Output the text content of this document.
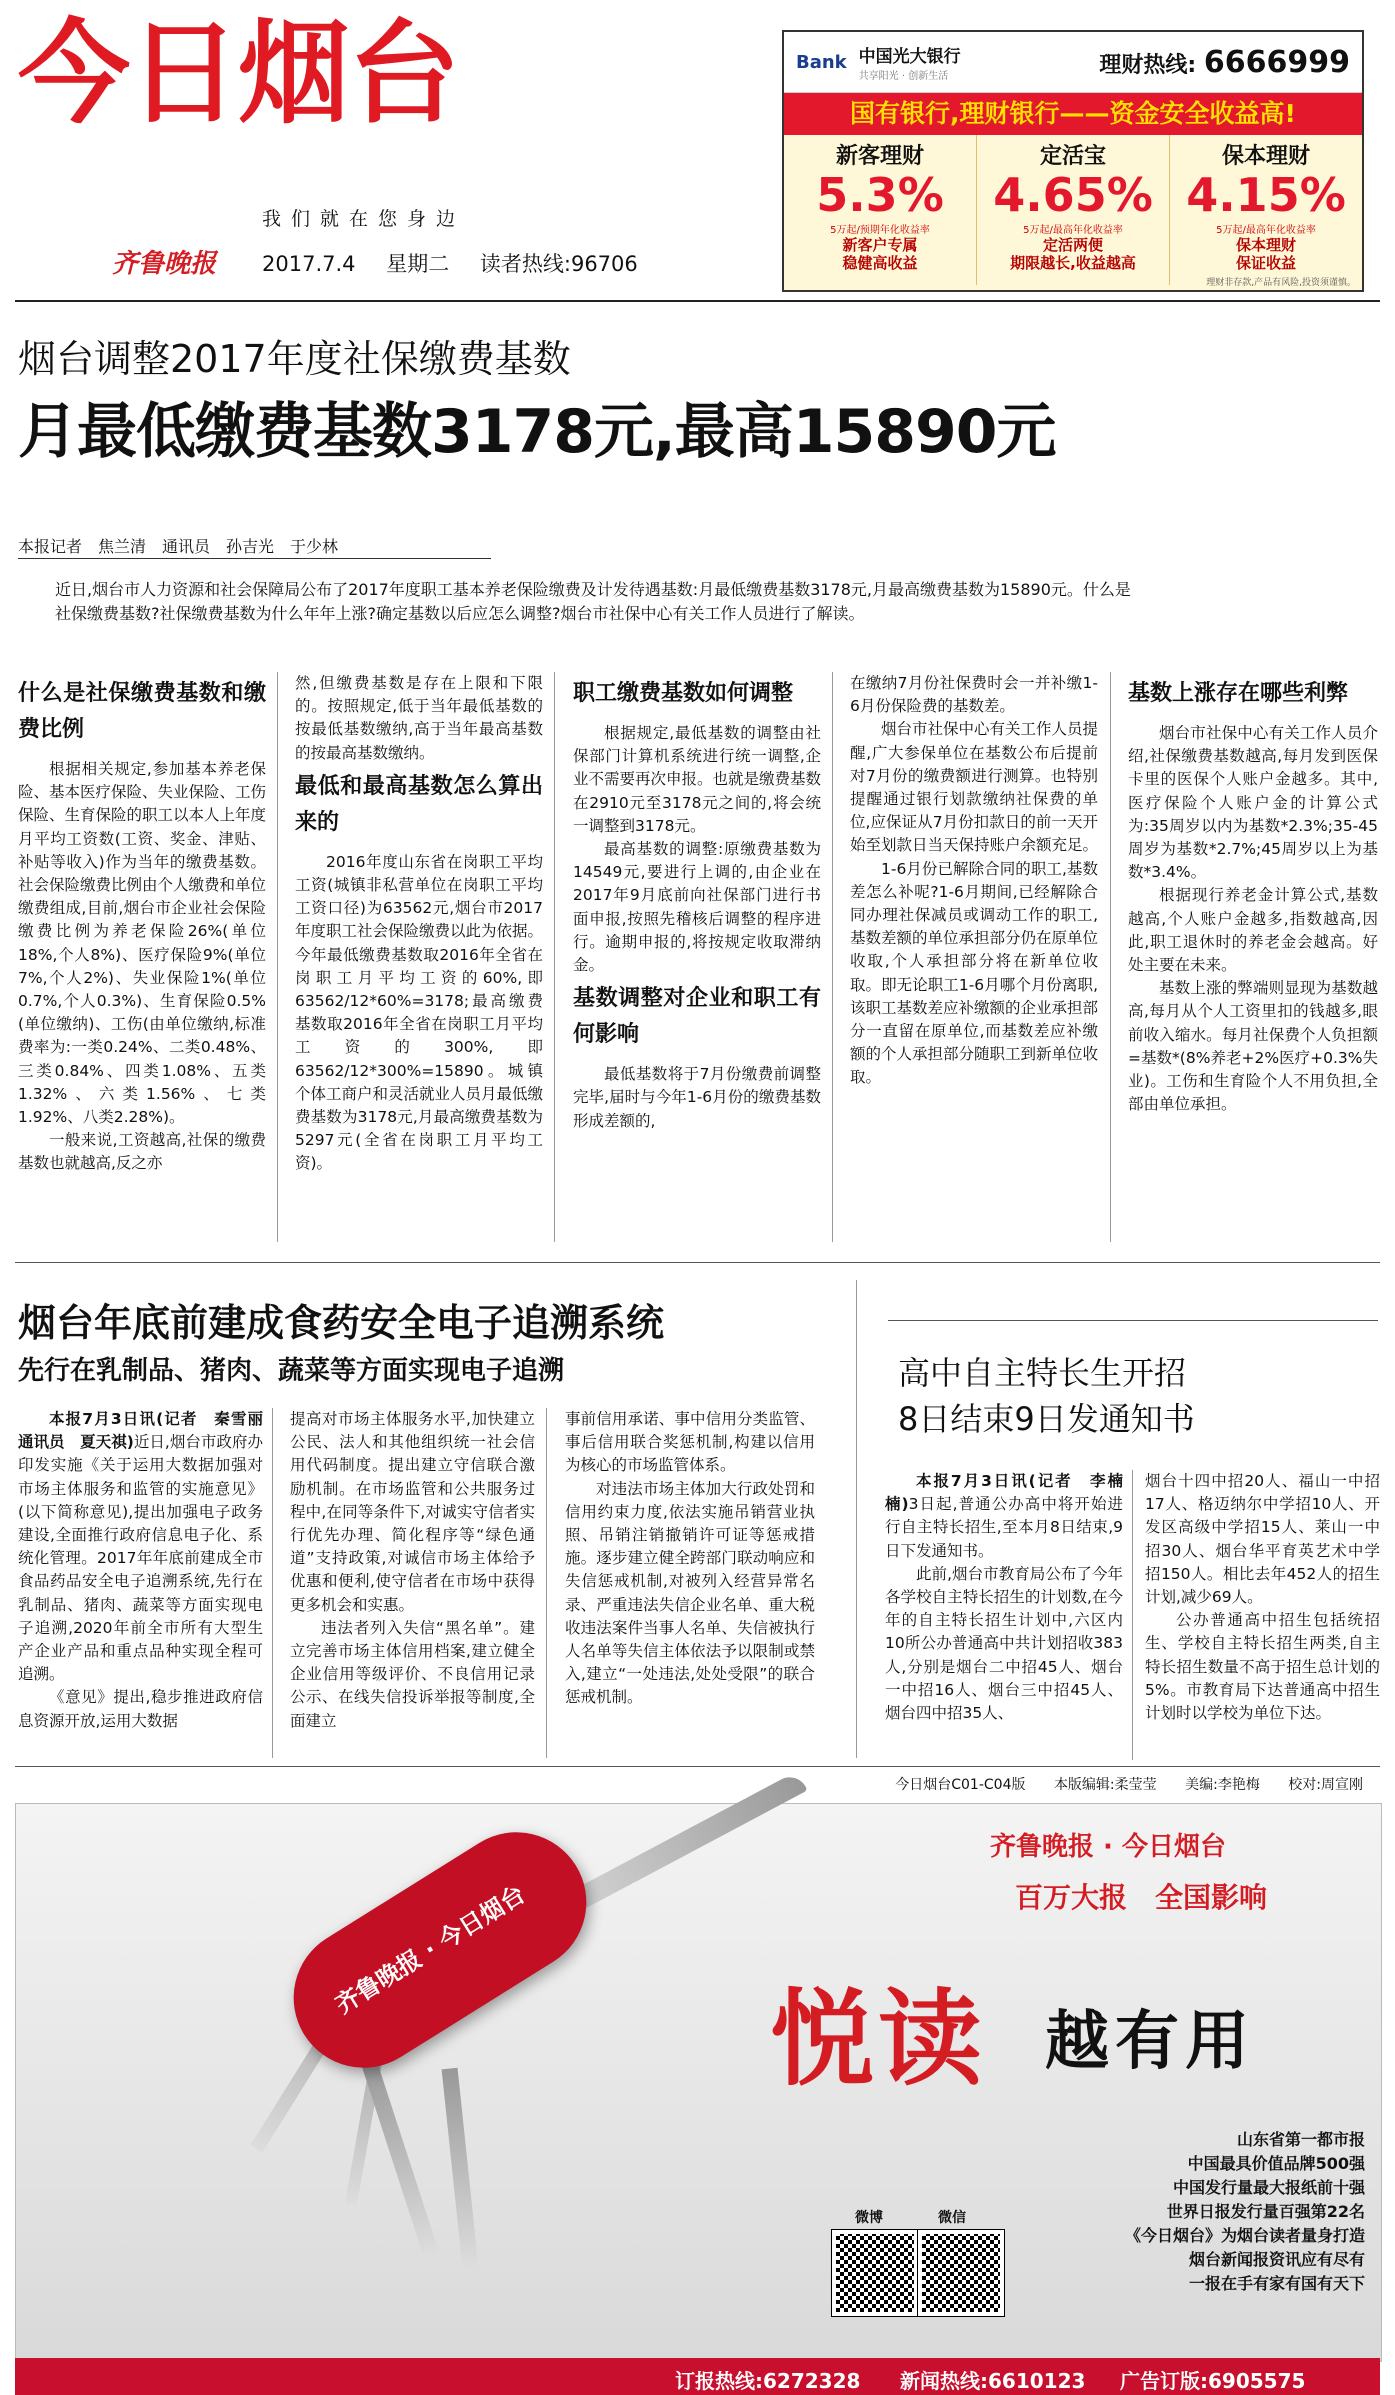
今日烟台
我们就在您身边
齐鲁晚报 2017.7.4 星期二 读者热线:96706
Bank 中国光大银行
共享阳光 · 创新生活	理财热线: 6666999
国有银行,理财银行——资金安全收益高!
新客理财
5.3%
5万起/预期年化收益率
新客户专属
稳健高收益
定活宝
4.65%
5万起/最高年化收益率
定活两便
期限越长,收益越高
保本理财
4.15%
5万起/最高年化收益率
保本理财
保证收益
理财非存款,产品有风险,投资须谨慎。
烟台调整2017年度社保缴费基数
月最低缴费基数3178元,最高15890元
本报记者　焦兰清　通讯员　孙吉光　于少林
近日,烟台市人力资源和社会保障局公布了2017年度职工基本养老保险缴费及计发待遇基数:月最低缴费基数3178元,月最高缴费基数为15890元。什么是社保缴费基数?社保缴费基数为什么年年上涨?确定基数以后应怎么调整?烟台市社保中心有关工作人员进行了解读。
什么是社保缴费基数和缴费比例

根据相关规定,参加基本养老保险、基本医疗保险、失业保险、工伤保险、生育保险的职工以本人上年度月平均工资数(工资、奖金、津贴、补贴等收入)作为当年的缴费基数。社会保险缴费比例由个人缴费和单位缴费组成,目前,烟台市企业社会保险缴费比例为养老保险26%(单位18%,个人8%)、医疗保险9%(单位7%,个人2%)、失业保险1%(单位0.7%,个人0.3%)、生育保险0.5%(单位缴纳)、工伤(由单位缴纳,标准费率为:一类0.24%、二类0.48%、三类0.84%、四类1.08%、五类1.32%、六类1.56%、七类1.92%、八类2.28%)。

一般来说,工资越高,社保的缴费基数也就越高,反之亦

然,但缴费基数是存在上限和下限的。按照规定,低于当年最低基数的按最低基数缴纳,高于当年最高基数的按最高基数缴纳。

最低和最高基数怎么算出来的

2016年度山东省在岗职工平均工资(城镇非私营单位在岗职工平均工资口径)为63562元,烟台市2017年度职工社会保险缴费以此为依据。今年最低缴费基数取2016年全省在岗职工月平均工资的60%,即63562/12*60%=3178;最高缴费基数取2016年全省在岗职工月平均工资的300%,即63562/12*300%=15890。城镇个体工商户和灵活就业人员月最低缴费基数为3178元,月最高缴费基数为5297元(全省在岗职工月平均工资)。

职工缴费基数如何调整

根据规定,最低基数的调整由社保部门计算机系统进行统一调整,企业不需要再次申报。也就是缴费基数在2910元至3178元之间的,将会统一调整到3178元。

最高基数的调整:原缴费基数为14549元,要进行上调的,由企业在2017年9月底前向社保部门进行书面申报,按照先稽核后调整的程序进行。逾期申报的,将按规定收取滞纳金。

基数调整对企业和职工有何影响

最低基数将于7月份缴费前调整完毕,届时与今年1-6月份的缴费基数形成差额的,

在缴纳7月份社保费时会一并补缴1-6月份保险费的基数差。

烟台市社保中心有关工作人员提醒,广大参保单位在基数公布后提前对7月份的缴费额进行测算。也特别提醒通过银行划款缴纳社保费的单位,应保证从7月份扣款日的前一天开始至划款日当天保持账户余额充足。

1-6月份已解除合同的职工,基数差怎么补呢?1-6月期间,已经解除合同办理社保减员或调动工作的职工,基数差额的单位承担部分仍在原单位收取,个人承担部分将在新单位收取。即无论职工1-6月哪个月份离职,该职工基数差应补缴额的企业承担部分一直留在原单位,而基数差应补缴额的个人承担部分随职工到新单位收取。

基数上涨存在哪些利弊

烟台市社保中心有关工作人员介绍,社保缴费基数越高,每月发到医保卡里的医保个人账户金越多。其中,医疗保险个人账户金的计算公式为:35周岁以内为基数*2.3%;35-45周岁为基数*2.7%;45周岁以上为基数*3.4%。

根据现行养老金计算公式,基数越高,个人账户金越多,指数越高,因此,职工退休时的养老金会越高。好处主要在未来。

基数上涨的弊端则显现为基数越高,每月从个人工资里扣的钱越多,眼前收入缩水。每月社保费个人负担额=基数*(8%养老+2%医疗+0.3%失业)。工伤和生育险个人不用负担,全部由单位承担。

烟台年底前建成食药安全电子追溯系统
先行在乳制品、猪肉、蔬菜等方面实现电子追溯

本报7月3日讯(记者　秦雪丽　通讯员　夏天祺)近日,烟台市政府办印发实施《关于运用大数据加强对市场主体服务和监管的实施意见》(以下简称意见),提出加强电子政务建设,全面推行政府信息电子化、系统化管理。2017年年底前建成全市食品药品安全电子追溯系统,先行在乳制品、猪肉、蔬菜等方面实现电子追溯,2020年前全市所有大型生产企业产品和重点品种实现全程可追溯。

《意见》提出,稳步推进政府信息资源开放,运用大数据

提高对市场主体服务水平,加快建立公民、法人和其他组织统一社会信用代码制度。提出建立守信联合激励机制。在市场监管和公共服务过程中,在同等条件下,对诚实守信者实行优先办理、简化程序等“绿色通道”支持政策,对诚信市场主体给予优惠和便利,使守信者在市场中获得更多机会和实惠。

违法者列入失信“黑名单”。建立完善市场主体信用档案,建立健全企业信用等级评价、不良信用记录公示、在线失信投诉举报等制度,全面建立

事前信用承诺、事中信用分类监管、事后信用联合奖惩机制,构建以信用为核心的市场监管体系。

对违法市场主体加大行政处罚和信用约束力度,依法实施吊销营业执照、吊销注销撤销许可证等惩戒措施。逐步建立健全跨部门联动响应和失信惩戒机制,对被列入经营异常名录、严重违法失信企业名单、重大税收违法案件当事人名单、失信被执行人名单等失信主体依法予以限制或禁入,建立“一处违法,处处受限”的联合惩戒机制。

高中自主特长生开招
8日结束9日发通知书

本报7月3日讯(记者　李楠楠)3日起,普通公办高中将开始进行自主特长招生,至本月8日结束,9日下发通知书。

此前,烟台市教育局公布了今年各学校自主特长招生的计划数,在今年的自主特长招生计划中,六区内10所公办普通高中共计划招收383人,分别是烟台二中招45人、烟台一中招16人、烟台三中招45人、烟台四中招35人、

烟台十四中招20人、福山一中招17人、格迈纳尔中学招10人、开发区高级中学招15人、莱山一中招30人、烟台华平育英艺术中学招150人。相比去年452人的招生计划,减少69人。

公办普通高中招生包括统招生、学校自主特长招生两类,自主特长招生数量不高于招生总计划的5%。市教育局下达普通高中招生计划时以学校为单位下达。

今日烟台C01-C04版 本版编辑:柔莹莹 美编:李艳梅 校对:周宣刚
齐鲁晚报 · 今日烟台
齐鲁晚报 · 今日烟台
百万大报　全国影响
悦读 越有用
山东省第一都市报
中国最具价值品牌500强
中国发行量最大报纸前十强
世界日报发行量百强第22名
《今日烟台》为烟台读者量身打造
烟台新闻报资讯应有尽有
一报在手有家有国有天下
微博	微信
订报热线:6272328 新闻热线:6610123 广告订版:6905575
